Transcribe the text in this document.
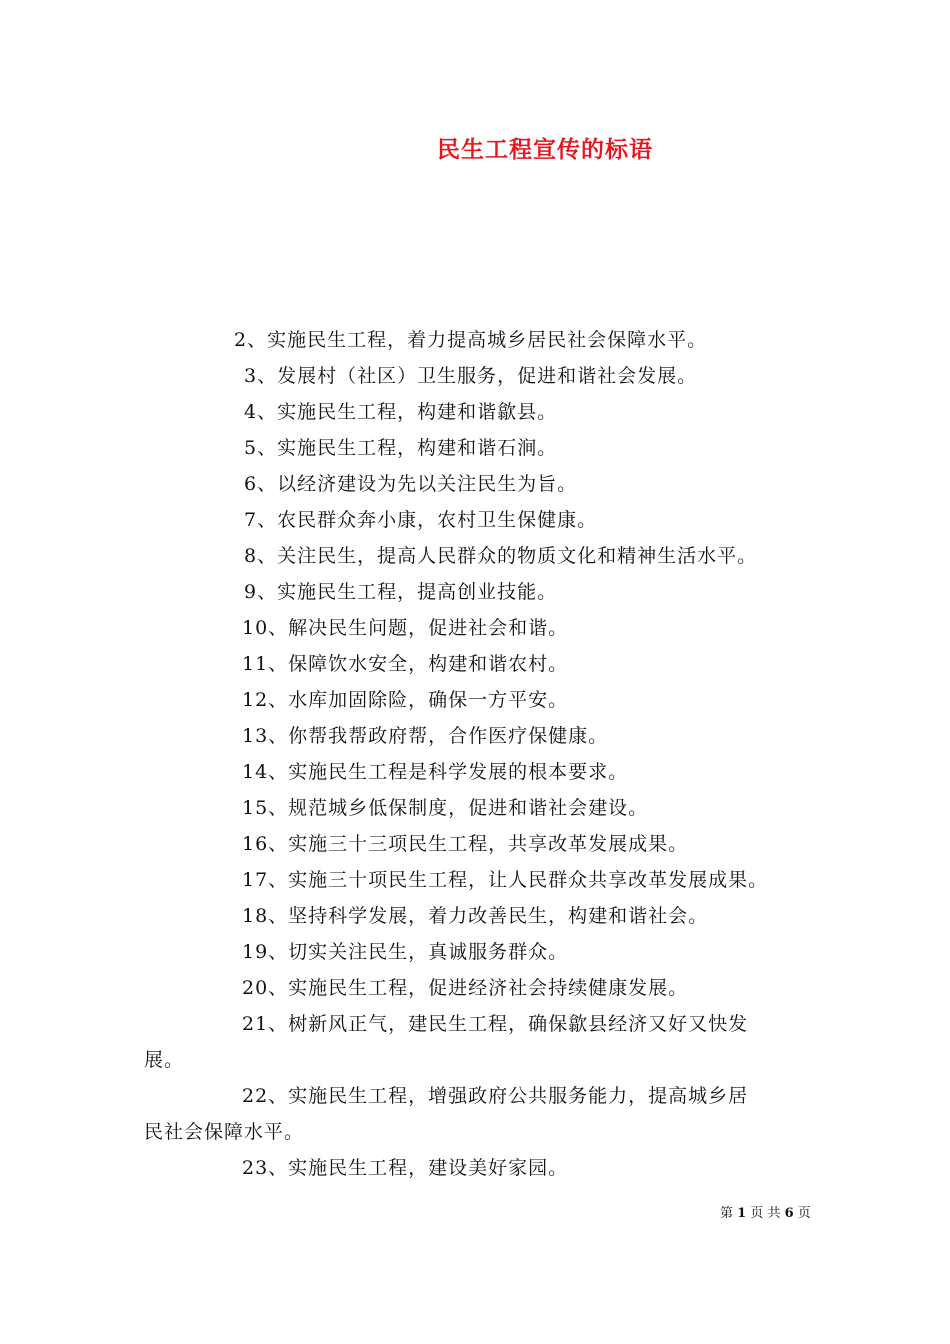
民生工程宣传的标语
2、实施民生工程，着力提高城乡居民社会保障水平。
3、发展村（社区）卫生服务，促进和谐社会发展。
4、实施民生工程，构建和谐歙县。
5、实施民生工程，构建和谐石涧。
6、以经济建设为先以关注民生为旨。
7、农民群众奔小康，农村卫生保健康。
8、关注民生，提高人民群众的物质文化和精神生活水平。
9、实施民生工程，提高创业技能。
10、解决民生问题，促进社会和谐。
11、保障饮水安全，构建和谐农村。
12、水库加固除险，确保一方平安。
13、你帮我帮政府帮，合作医疗保健康。
14、实施民生工程是科学发展的根本要求。
15、规范城乡低保制度，促进和谐社会建设。
16、实施三十三项民生工程，共享改革发展成果。
17、实施三十项民生工程，让人民群众共享改革发展成果。
18、坚持科学发展，着力改善民生，构建和谐社会。
19、切实关注民生，真诚服务群众。
20、实施民生工程，促进经济社会持续健康发展。
21、树新风正气，建民生工程，确保歙县经济又好又快发
展。
22、实施民生工程，增强政府公共服务能力，提高城乡居
民社会保障水平。
23、实施民生工程，建设美好家园。
第 1 页 共 6 页
